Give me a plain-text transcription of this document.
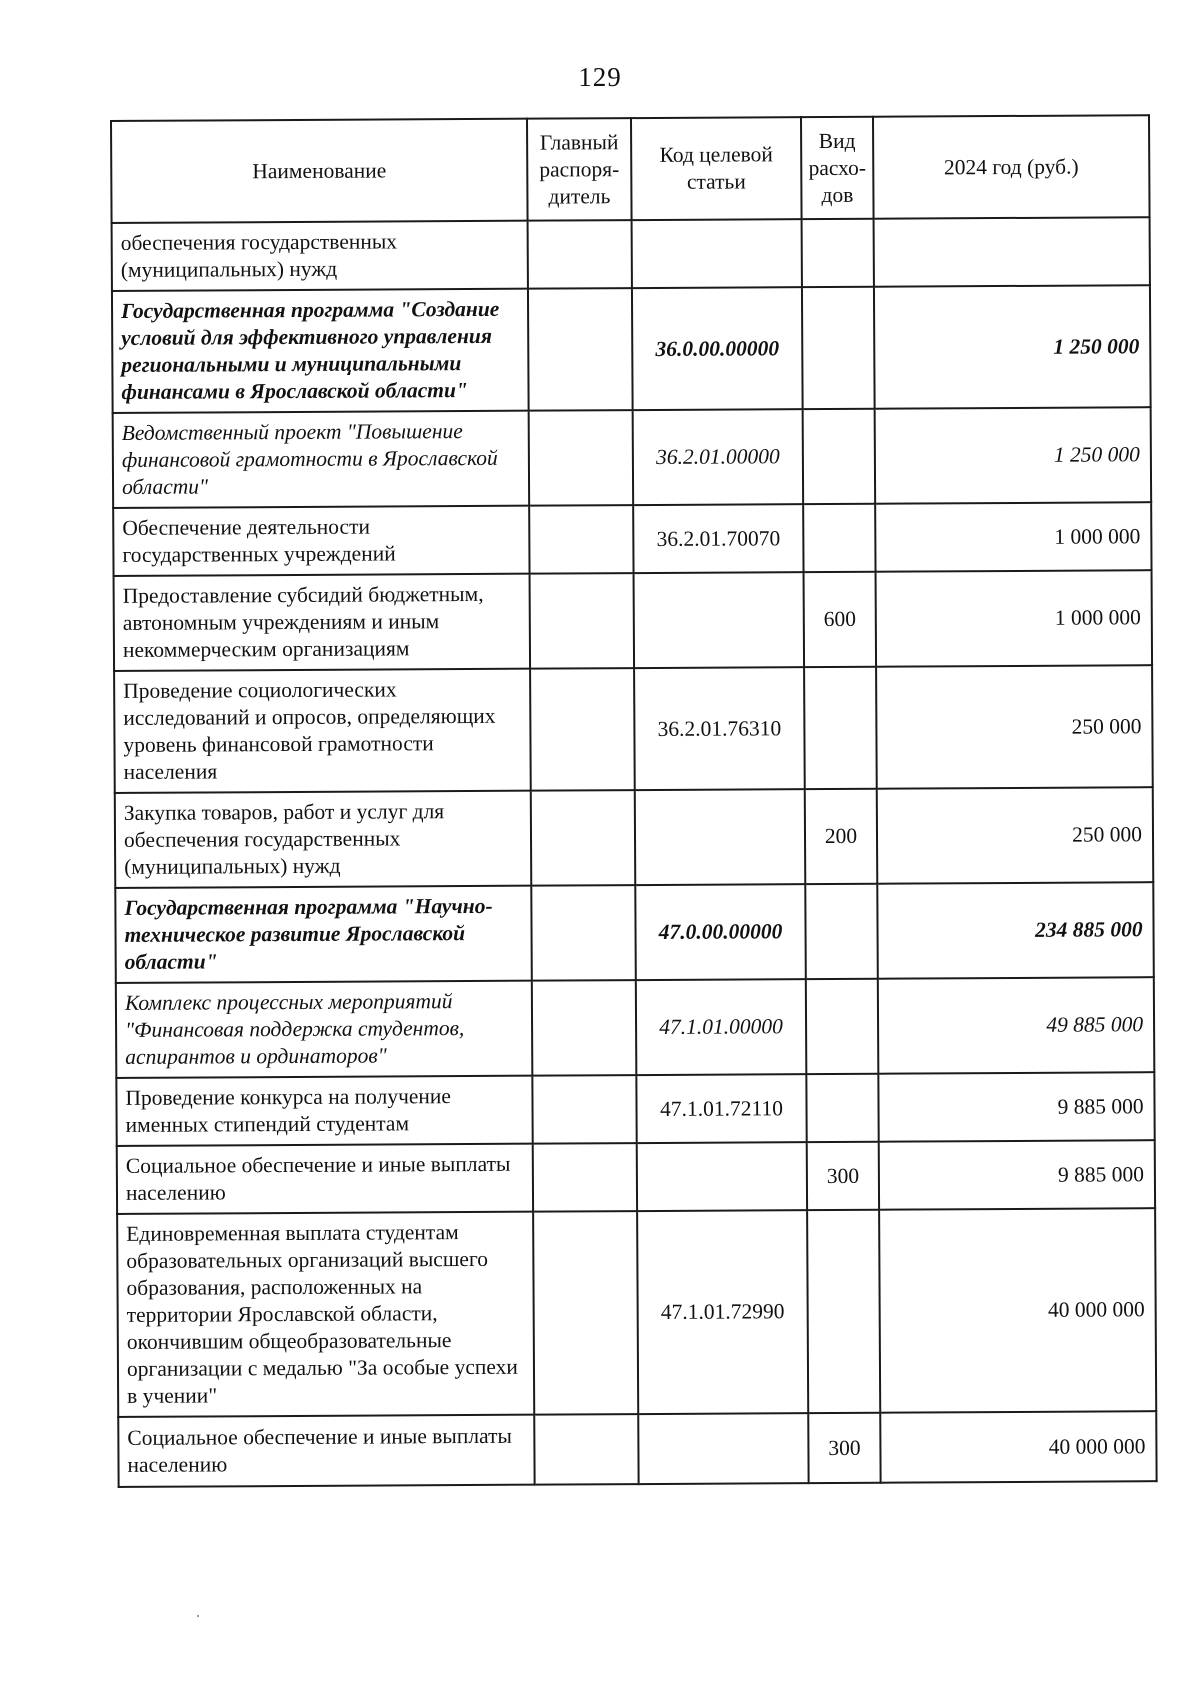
129
Наименование	Главный распоря-дитель	Код целевой статьи	Вид расхо-дов	2024 год (руб.)
обеспечения государственных (муниципальных) нужд				
Государственная программа "Создание условий для эффективного управления региональными и муниципальными финансами в Ярославской области"		36.0.00.00000		1 250 000
Ведомственный проект "Повышение финансовой грамотности в Ярославской области"		36.2.01.00000		1 250 000
Обеспечение деятельности государственных учреждений		36.2.01.70070		1 000 000
Предоставление субсидий бюджетным, автономным учреждениям и иным некоммерческим организациям			600	1 000 000
Проведение социологических исследований и опросов, определяющих уровень финансовой грамотности населения		36.2.01.76310		250 000
Закупка товаров, работ и услуг для обеспечения государственных (муниципальных) нужд			200	250 000
Государственная программа "Научно-техническое развитие Ярославской области"		47.0.00.00000		234 885 000
Комплекс процессных мероприятий "Финансовая поддержка студентов, аспирантов и ординаторов"		47.1.01.00000		49 885 000
Проведение конкурса на получение именных стипендий студентам		47.1.01.72110		9 885 000
Социальное обеспечение и иные выплаты населению			300	9 885 000
Единовременная выплата студентам образовательных организаций высшего образования, расположенных на территории Ярославской области, окончившим общеобразовательные организации с медалью "За особые успехи в учении"		47.1.01.72990		40 000 000
Социальное обеспечение и иные выплаты населению			300	40 000 000
